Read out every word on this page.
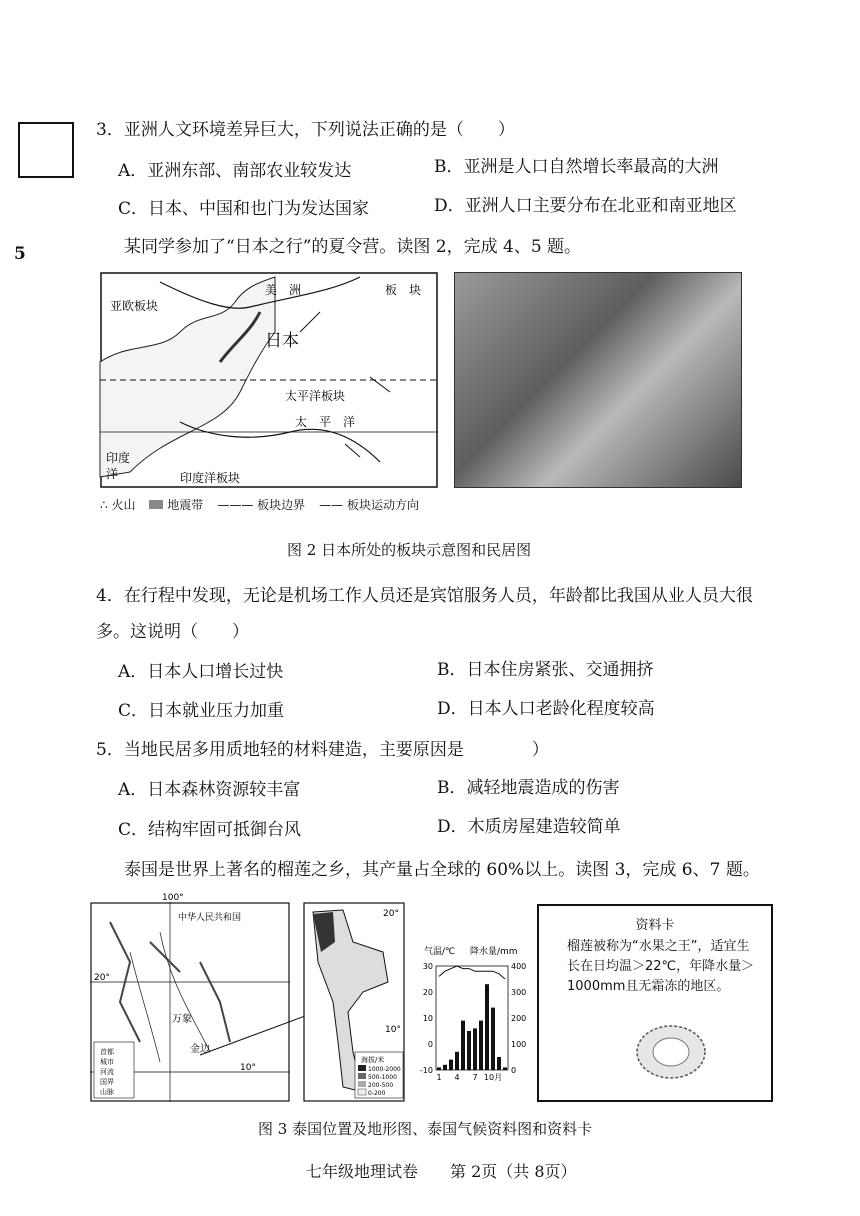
5
3．亚洲人文环境差异巨大，下列说法正确的是（　　）
A．亚洲东部、南部农业较发达	B．亚洲是人口自然增长率最高的大洲
C．日本、中国和也门为发达国家	D．亚洲人口主要分布在北亚和南亚地区
某同学参加了“日本之行”的夏令营。读图 2，完成 4、5 题。
亚欧板块
美　洲	板　块
日本
太平洋板块
太　平　洋
印度洋	印度洋板块
∴ 火山	地震带 ——— 板块边界 —— 板块运动方向
图 2 日本所处的板块示意图和民居图
4．在行程中发现，无论是机场工作人员还是宾馆服务人员，年龄都比我国从业人员大很
多。这说明（　　）
A．日本人口增长过快	B．日本住房紧张、交通拥挤
C．日本就业压力加重	D．日本人口老龄化程度较高
5．当地民居多用质地轻的材料建造，主要原因是　　　　）
A．日本森林资源较丰富	B．减轻地震造成的伤害
C．结构牢固可抵御台风	D．木质房屋建造较简单
泰国是世界上著名的榴莲之乡，其产量占全球的 60%以上。读图 3，完成 6、7 题。
100°
中华人民共和国
20°
10°
万象
金边
首都
城市
河流
国界
山脉
20°
10°
海拔/米
1000-2000
500-1000
200-500
0-200
气温/℃ 降水量/mm
30
20
10
0
-10
400
300
200
100
0
1 4 7 10月
资料卡
榴莲被称为“水果之王”，适宜生长在日均温＞22℃，年降水量＞1000mm且无霜冻的地区。
图 3 泰国位置及地形图、泰国气候资料图和资料卡
七年级地理试卷　　第 2页（共 8页）
